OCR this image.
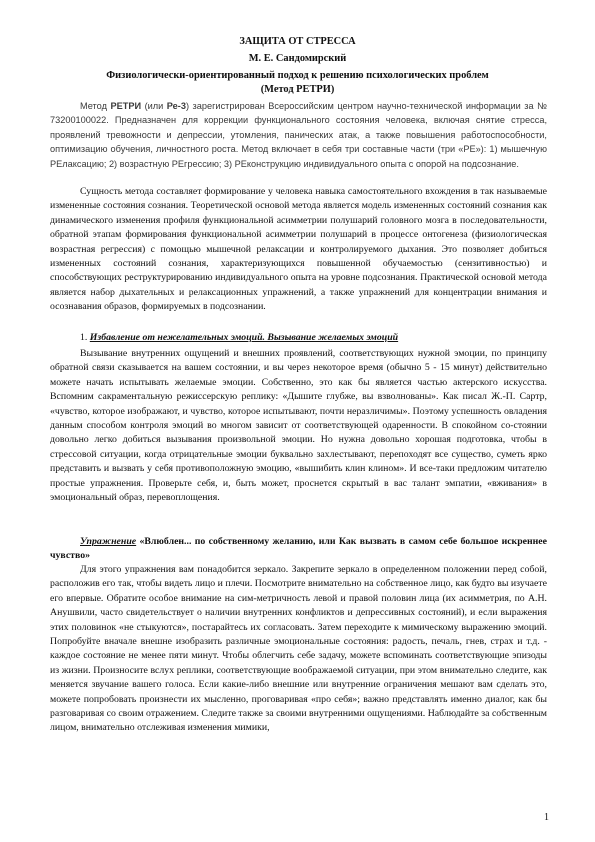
ЗАЩИТА ОТ СТРЕССА

М. Е. Сандомирский

Физиологически-ориентированный подход к решению психологических проблем

(Метод РЕТРИ)

Метод РЕТРИ (или Ре-3) зарегистрирован Всероссийским центром научно-технической информации за № 73200100022. Предназначен для коррекции функционального состояния человека, включая снятие стресса, проявлений тревожности и депрессии, утомления, панических атак, а также повышения работоспособности, оптимизацию обучения, личностного роста. Метод включает в себя три составные части (три «РЕ»): 1) мышечную РЕлаксацию; 2) возрастную РЕгрессию; 3) РЕконструкцию индивидуального опыта с опорой на подсознание.

Сущность метода составляет формирование у человека навыка самостоятельного вхождения в так называемые измененные состояния сознания. Теоретической основой метода является модель измененных состояний сознания как динамического изменения профиля функциональной асимметрии полушарий головного мозга в последовательности, обратной этапам формирования функциональной асимметрии полушарий в процессе онтогенеза (физиологическая возрастная регрессия) с помощью мышечной релаксации и контролируемого дыхания. Это позволяет добиться измененных состояний сознания, характеризующихся повышенной обучаемостью (сензитивностью) и способствующих реструктурированию индивидуального опыта на уровне подсознания. Практической основой метода является набор дыхательных и релаксационных упражнений, а также упражнений для концентрации внимания и осознавания образов, формируемых в подсознании.

1. Избавление от нежелательных эмоций. Вызывание желаемых эмоций

Вызывание внутренних ощущений и внешних проявлений, соответствующих нужной эмоции, по принципу обратной связи сказывается на вашем состоянии, и вы через некоторое время (обычно 5 - 15 минут) действительно можете начать испытывать желаемые эмоции. Собственно, это как бы является частью актерского искусства. Вспомним сакраментальную режиссерскую реплику: «Дышите глубже, вы взволнованы». Как писал Ж.-П. Сартр, «чувство, которое изображают, и чувство, которое испытывают, почти неразличимы». Поэтому успешность овладения данным способом контроля эмоций во многом зависит от соответствующей одаренности. В спокойном со-стоянии довольно легко добиться вызывания произвольной эмоции. Но нужна довольно хорошая подготовка, чтобы в стрессовой ситуации, когда отрицательные эмоции буквально захлестывают, перепоходят все существо, суметь ярко представить и вызвать у себя противоположную эмоцию, «вышибить клин клином». И все-таки предложим читателю простые упражнения. Проверьте себя, и, быть может, проснется скрытый в вас талант эмпатии, «вживания» в эмоциональный образ, перевоплощения.

Упражнение «Влюблен... по собственному желанию, или Как вызвать в самом себе большое искреннее чувство»

Для этого упражнения вам понадобится зеркало. Закрепите зеркало в определенном положении перед собой, расположив его так, чтобы видеть лицо и плечи. Посмотрите внимательно на собственное лицо, как будто вы изучаете его впервые. Обратите особое внимание на сим-метричность левой и правой половин лица (их асимметрия, по А.Н. Анушвили, часто свидетельствует о наличии внутренних конфликтов и депрессивных состояний), и если выражения этих половинок «не стыкуются», постарайтесь их согласовать. Затем переходите к мимическому выражению эмоций. Попробуйте вначале внешне изобразить различные эмоциональные состояния: радость, печаль, гнев, страх и т.д. - каждое состояние не менее пяти минут. Чтобы облегчить себе задачу, можете вспоминать соответствующие эпизоды из жизни. Произносите вслух реплики, соответствующие воображаемой ситуации, при этом внимательно следите, как меняется звучание вашего голоса. Если какие-либо внешние или внутренние ограничения мешают вам сделать это, можете попробовать произнести их мысленно, проговаривая «про себя»; важно представлять именно диалог, как бы разговаривая со своим отражением. Следите также за своими внутренними ощущениями. Наблюдайте за собственным лицом, внимательно отслеживая изменения мимики,

1
